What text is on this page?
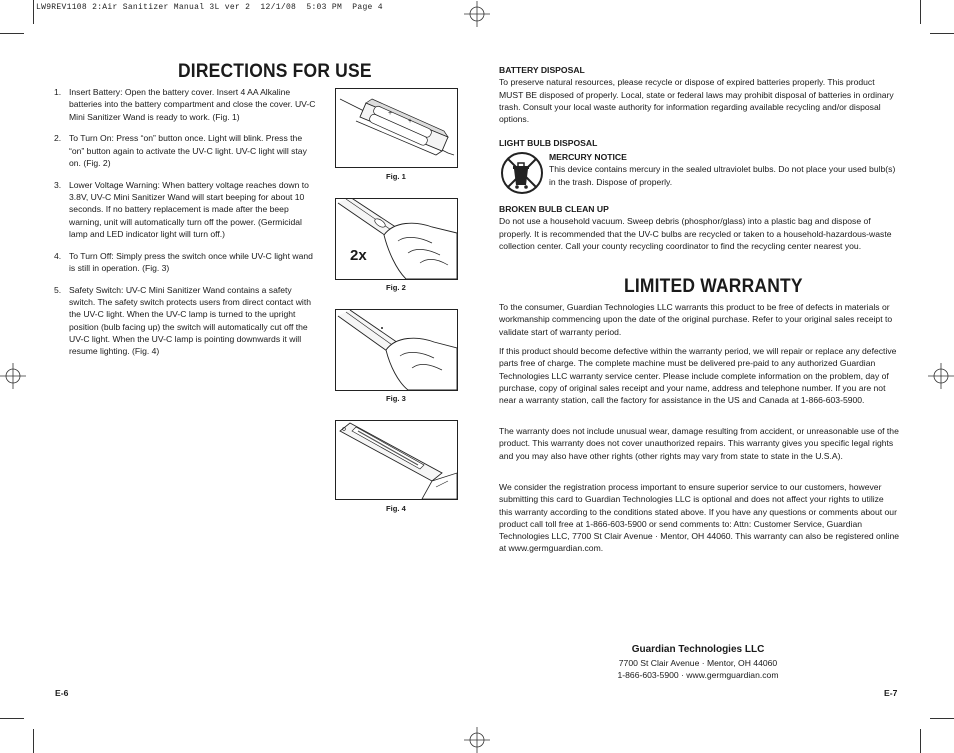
LW9REV1108 2:Air Sanitizer Manual 3L ver 2  12/1/08  5:03 PM  Page 4
DIRECTIONS FOR USE
1. Insert Battery: Open the battery cover. Insert 4 AA Alkaline batteries into the battery compartment and close the cover. UV-C Mini Sanitizer Wand is ready to work. (Fig. 1)
2. To Turn On: Press “on” button once. Light will blink. Press the “on” button again to activate the UV-C light. UV-C light will stay on. (Fig. 2)
3. Lower Voltage Warning: When battery voltage reaches down to 3.8V, UV-C Mini Sanitizer Wand will start beeping for about 10 seconds. If no battery replacement is made after the beep warning, unit will automatically turn off the power. (Germicidal lamp and LED indicator light will turn off.)
4. To Turn Off: Simply press the switch once while UV-C light wand is still in operation. (Fig. 3)
5. Safety Switch: UV-C Mini Sanitizer Wand contains a safety switch. The safety switch protects users from direct contact with the UV-C light. When the UV-C lamp is turned to the upright position (bulb facing up) the switch will automatically cut off the UV-C light. When the UV-C lamp is pointing downwards it will resume lighting. (Fig. 4)
+
+
Fig. 1
2x
Fig. 2
Fig. 3
Fig. 4
E-6
BATTERY DISPOSAL
To preserve natural resources, please recycle or dispose of expired batteries properly. This product MUST BE disposed of properly. Local, state or federal laws may prohibit disposal of batteries in ordinary trash. Consult your local waste authority for information regarding available recycling and/or disposal options.
LIGHT BULB DISPOSAL
MERCURY NOTICE
This device contains mercury in the sealed ultraviolet bulbs. Do not place your used bulb(s) in the trash. Dispose of properly.
BROKEN BULB CLEAN UP
Do not use a household vacuum. Sweep debris (phosphor/glass) into a plastic bag and dispose of properly. It is recommended that the UV-C bulbs are recycled or taken to a household-hazardous-waste collection center. Call your county recycling coordinator to find the recycling center nearest you.
LIMITED WARRANTY
To the consumer, Guardian Technologies LLC warrants this product to be free of defects in materials or workmanship commencing upon the date of the original purchase. Refer to your original sales receipt to validate start of warranty period.
If this product should become defective within the warranty period, we will repair or replace any defective parts free of charge. The complete machine must be delivered pre-paid to any authorized Guardian Technologies LLC warranty service center. Please include complete information on the problem, day of purchase, copy of original sales receipt and your name, address and telephone number. If you are not near a warranty station, call the factory for assistance in the US and Canada at 1-866-603-5900.
The warranty does not include unusual wear, damage resulting from accident, or unreasonable use of the product. This warranty does not cover unauthorized repairs. This warranty gives you specific legal rights and you may also have other rights (other rights may vary from state to state in the U.S.A).
We consider the registration process important to ensure superior service to our customers, however submitting this card to Guardian Technologies LLC is optional and does not affect your rights to utilize this warranty according to the conditions stated above. If you have any questions or comments about our product call toll free at 1-866-603-5900 or send comments to: Attn: Customer Service, Guardian Technologies LLC, 7700 St Clair Avenue · Mentor, OH 44060. This warranty can also be registered online at www.germguardian.com.
Guardian Technologies LLC
7700 St Clair Avenue · Mentor, OH 44060
1-866-603-5900 · www.germguardian.com
E-7
